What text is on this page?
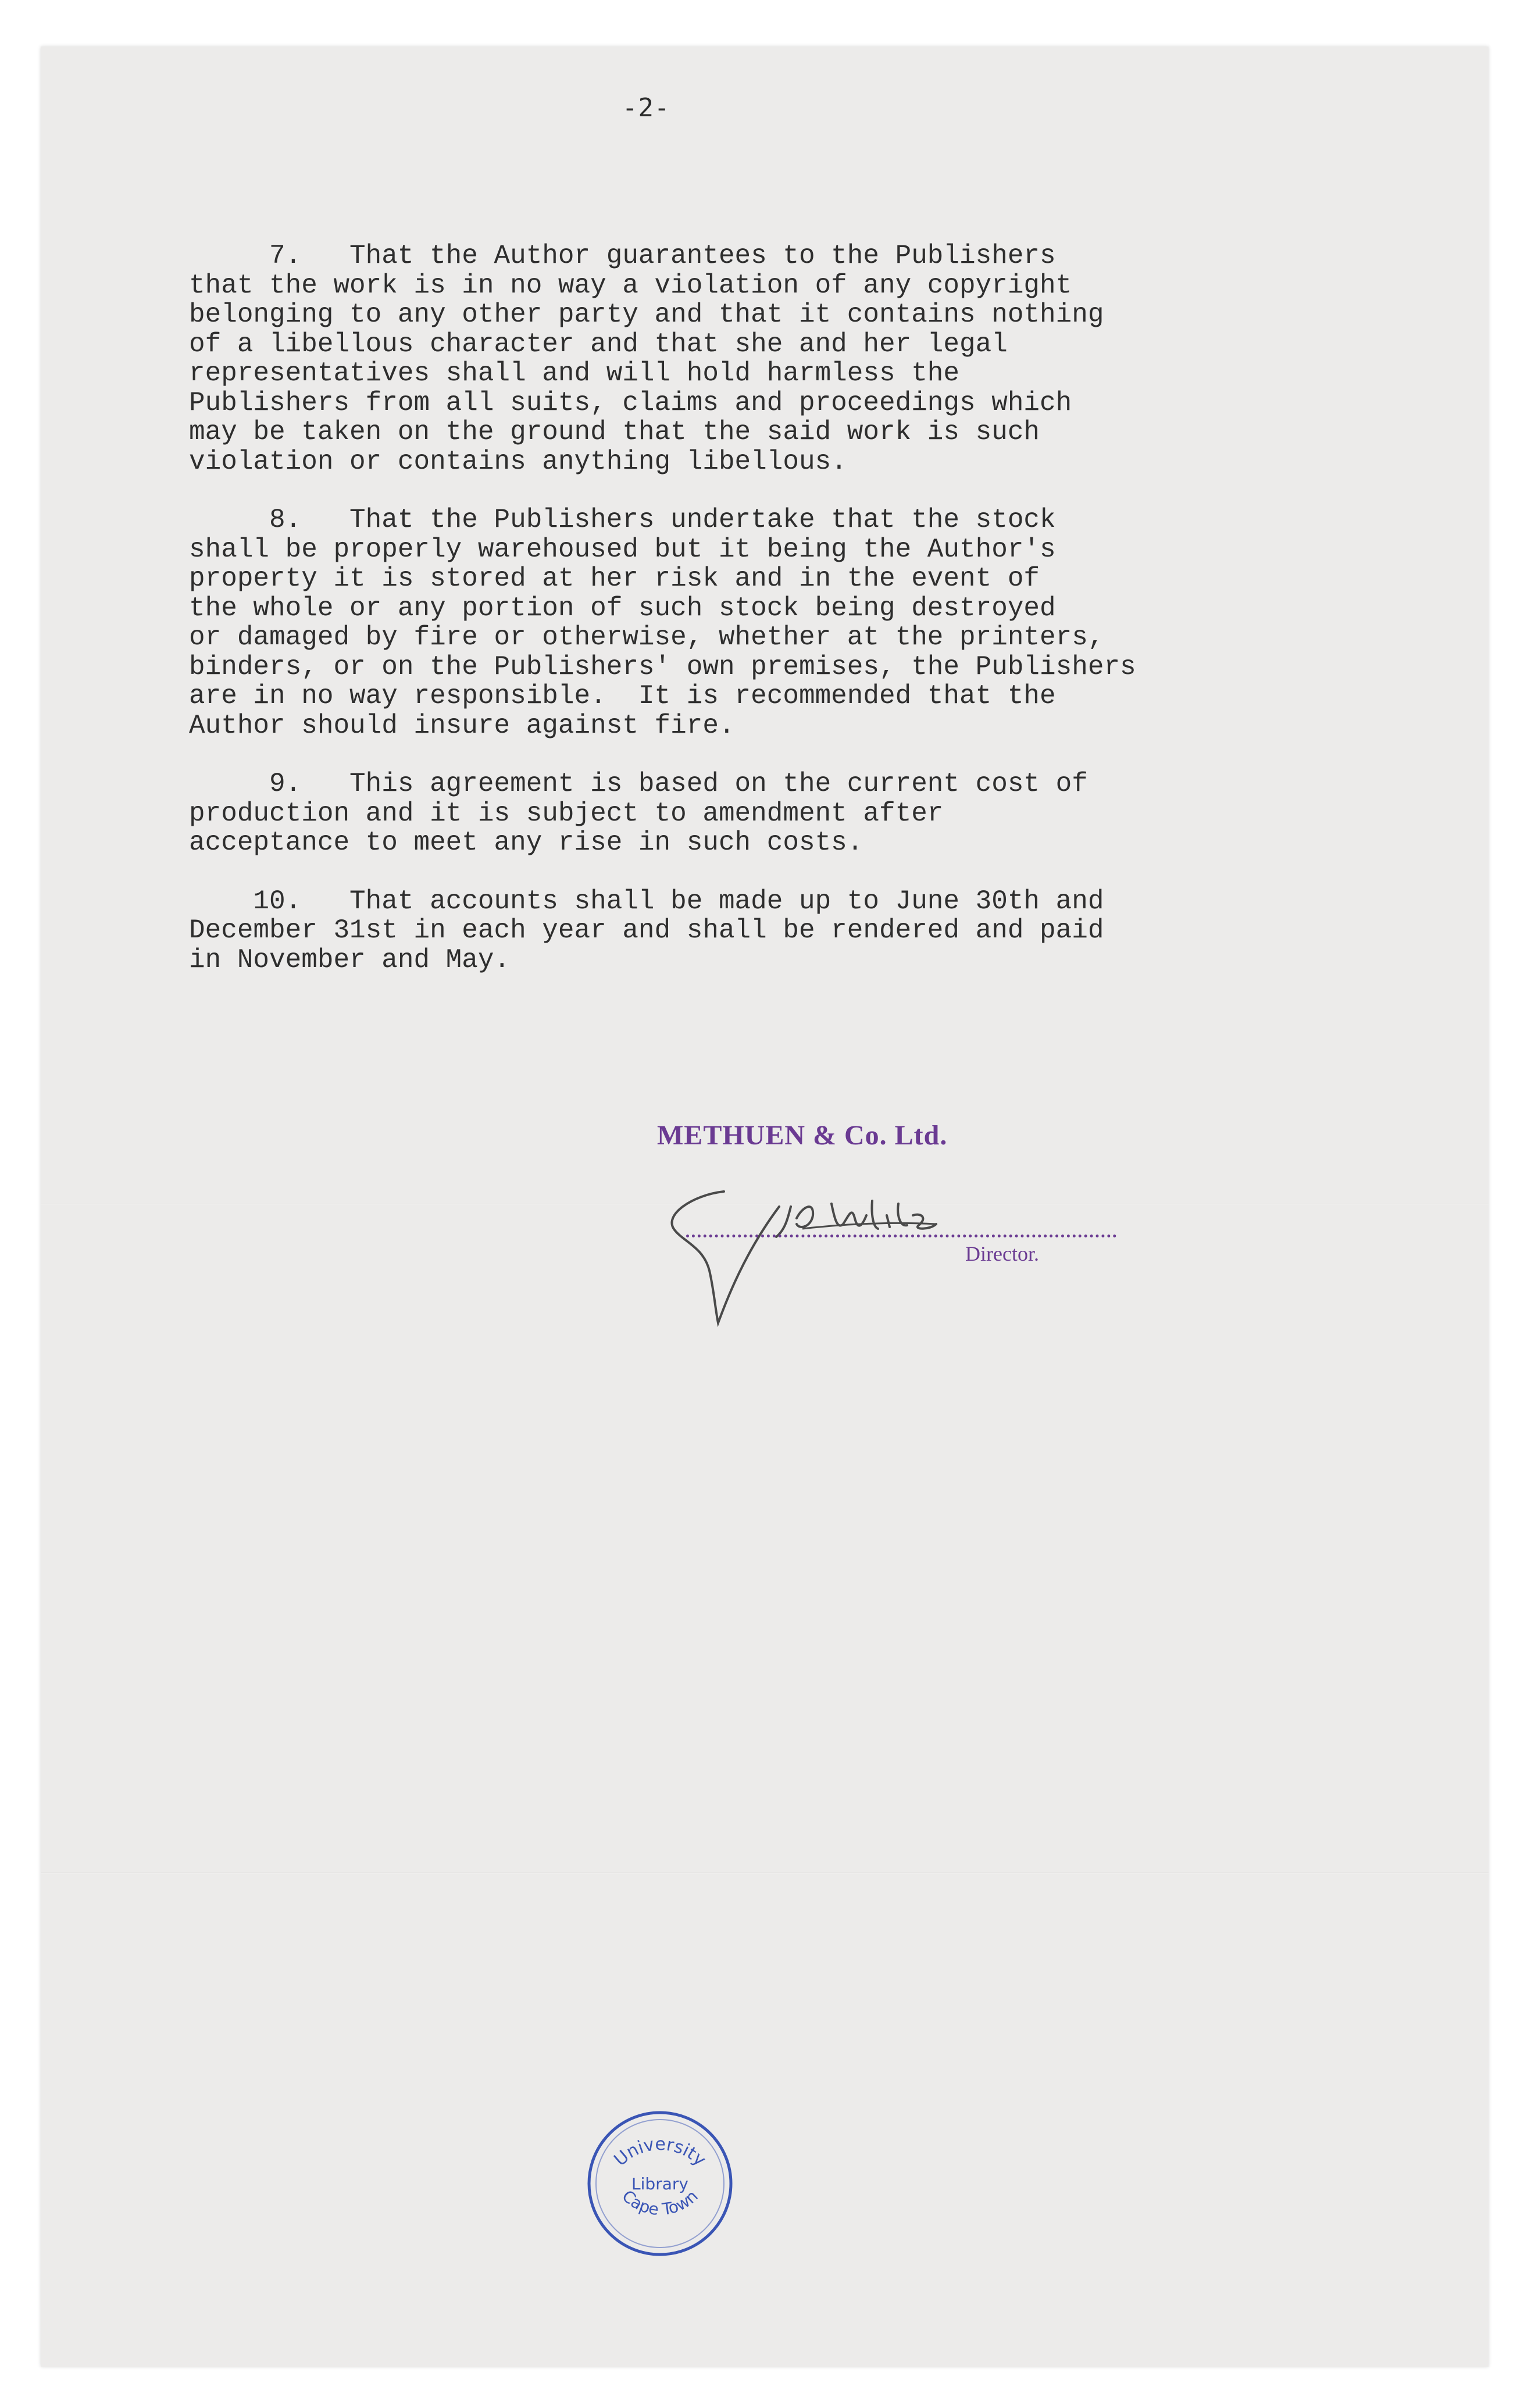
-2-

7.   That the Author guarantees to the Publishers
that the work is in no way a violation of any copyright
belonging to any other party and that it contains nothing
of a libellous character and that she and her legal
representatives shall and will hold harmless the
Publishers from all suits, claims and proceedings which
may be taken on the ground that the said work is such
violation or contains anything libellous.

8.   That the Publishers undertake that the stock
shall be properly warehoused but it being the Author's
property it is stored at her risk and in the event of
the whole or any portion of such stock being destroyed
or damaged by fire or otherwise, whether at the printers,
binders, or on the Publishers' own premises, the Publishers
are in no way responsible.  It is recommended that the
Author should insure against fire.

9.   This agreement is based on the current cost of
production and it is subject to amendment after
acceptance to meet any rise in such costs.

10.   That accounts shall be made up to June 30th and
December 31st in each year and shall be rendered and paid
in November and May.

METHUEN & Co. Ltd.
Director.
University
Library
Cape Town
